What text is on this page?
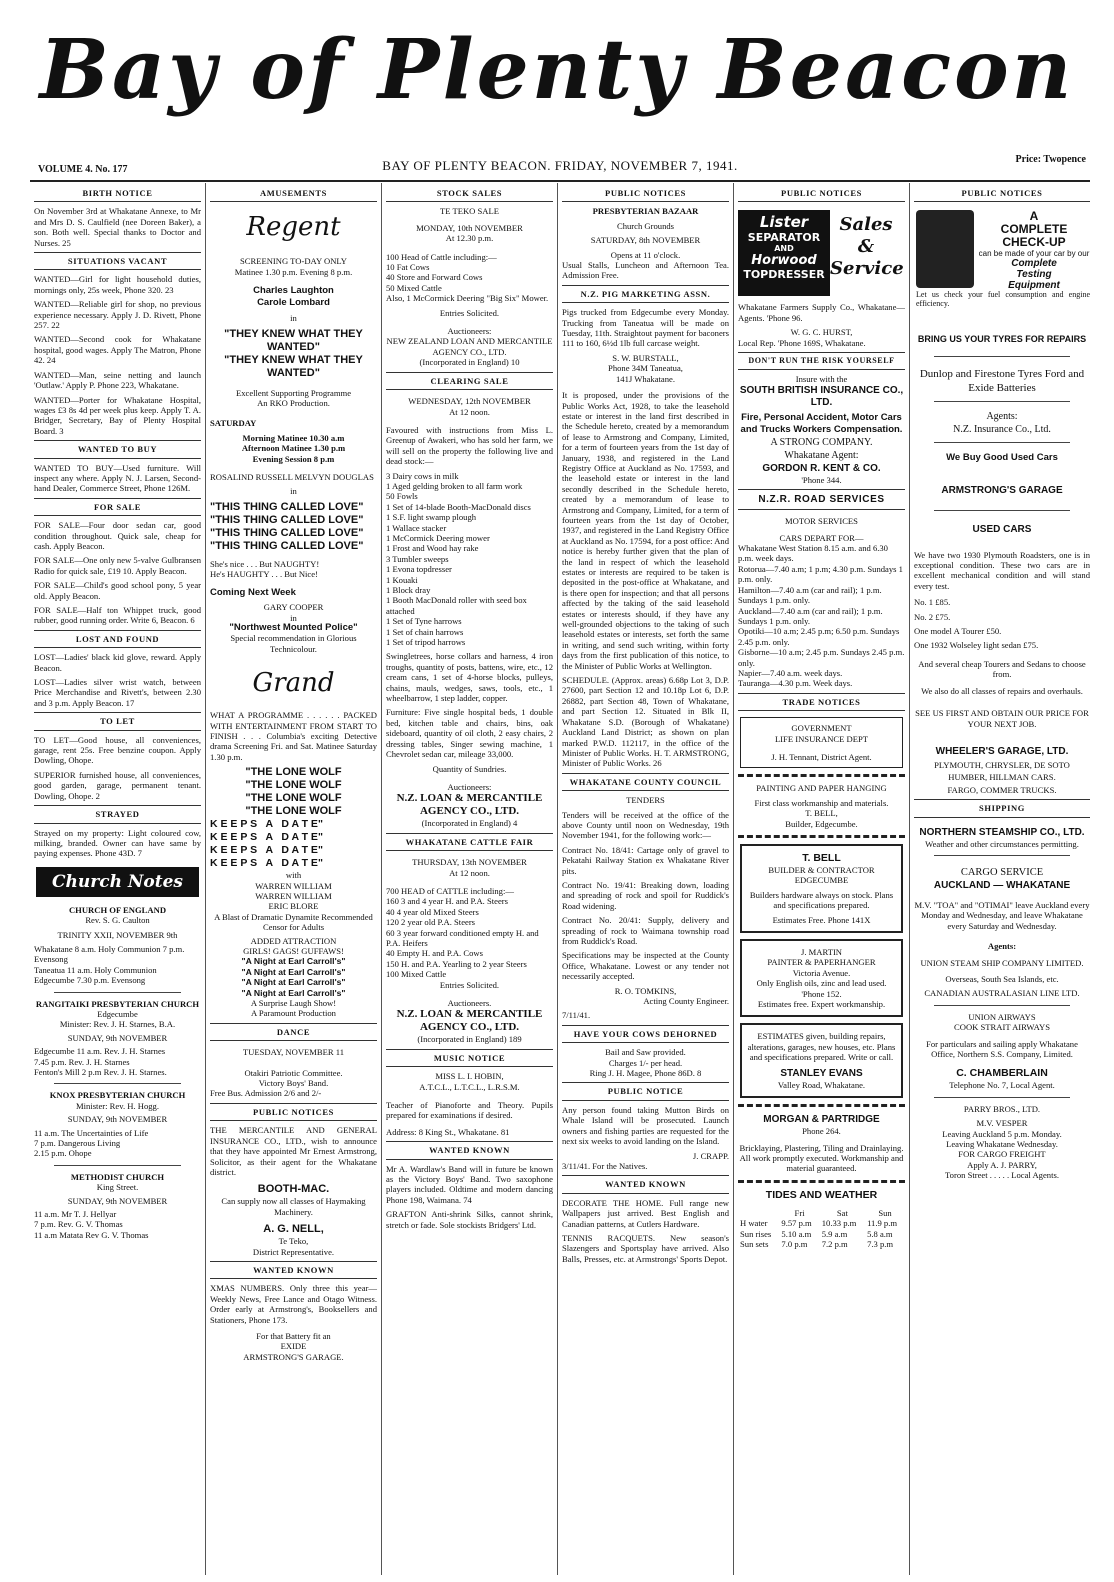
Bay of Plenty Beacon
VOLUME 4. No. 177	BAY OF PLENTY BEACON. FRIDAY, NOVEMBER 7, 1941.	Price: Twopence
BIRTH NOTICE

On November 3rd at Whakatane Annexe, to Mr and Mrs D. S. Caulfield (nee Doreen Baker), a son. Both well. Special thanks to Doctor and Nurses. 25

SITUATIONS VACANT

WANTED—Girl for light household duties, mornings only, 25s week, Phone 320. 23

WANTED—Reliable girl for shop, no previous experience necessary. Apply J. D. Rivett, Phone 257. 22

WANTED—Second cook for Whakatane hospital, good wages. Apply The Matron, Phone 42. 24

WANTED—Man, seine netting and launch 'Outlaw.' Apply P. Phone 223, Whakatane.

WANTED—Porter for Whakatane Hospital, wages £3 8s 4d per week plus keep. Apply T. A. Bridger, Secretary, Bay of Plenty Hospital Board. 3

WANTED TO BUY

WANTED TO BUY—Used furniture. Will inspect any where. Apply N. J. Larsen, Second-hand Dealer, Commerce Street, Phone 126M.

FOR SALE

FOR SALE—Four door sedan car, good condition throughout. Quick sale, cheap for cash. Apply Beacon.

FOR SALE—One only new 5-valve Gulbransen Radio for quick sale, £19 10. Apply Beacon.

FOR SALE—Child's good school pony, 5 year old. Apply Beacon.

FOR SALE—Half ton Whippet truck, good rubber, good running order. Write 6, Beacon. 6

LOST AND FOUND

LOST—Ladies' black kid glove, reward. Apply Beacon.

LOST—Ladies silver wrist watch, between Price Merchandise and Rivett's, between 2.30 and 3 p.m. Apply Beacon. 17

TO LET

TO LET—Good house, all conveniences, garage, rent 25s. Free benzine coupon. Apply Dowling, Ohope.

SUPERIOR furnished house, all conveniences, good garden, garage, permanent tenant. Dowling, Ohope. 2

STRAYED

Strayed on my property: Light coloured cow, milking, branded. Owner can have same by paying expenses. Phone 43D. 7

Church Notes
CHURCH OF ENGLAND
Rev. S. G. Caulton
TRINITY XXII, NOVEMBER 9th
Whakatane 8 a.m. Holy Communion 7 p.m. Evensong
Taneatua 11 a.m. Holy Communion
Edgecumbe 7.30 p.m. Evensong
RANGITAIKI PRESBYTERIAN CHURCH
Edgecumbe
Minister: Rev. J. H. Starnes, B.A.
SUNDAY, 9th NOVEMBER
Edgecumbe 11 a.m. Rev. J. H. Starnes
7.45 p.m. Rev. J. H. Starnes
Fenton's Mill 2 p.m Rev. J. H. Starnes.
KNOX PRESBYTERIAN CHURCH
Minister: Rev. H. Hogg.
SUNDAY, 9th NOVEMBER
11 a.m. The Uncertainties of Life
7 p.m. Dangerous Living
2.15 p.m. Ohope
METHODIST CHURCH
King Street.
SUNDAY, 9th NOVEMBER
11 a.m. Mr T. J. Hellyar
7 p.m. Rev. G. V. Thomas
11 a.m Matata Rev G. V. Thomas
AMUSEMENTS
Regent
SCREENING TO-DAY ONLY
Matinee 1.30 p.m. Evening 8 p.m.
Charles Laughton
Carole Lombard
in
"THEY KNEW WHAT THEY WANTED"
"THEY KNEW WHAT THEY WANTED"
Excellent Supporting Programme
An RKO Production.
SATURDAY
Morning Matinee 10.30 a.m
Afternoon Matinee 1.30 p.m
Evening Session 8 p.m
ROSALIND RUSSELL MELVYN DOUGLAS
in
"THIS THING CALLED LOVE"
"THIS THING CALLED LOVE"
"THIS THING CALLED LOVE"
"THIS THING CALLED LOVE"
She's nice . . . But NAUGHTY!
He's HAUGHTY . . . But Nice!
Coming Next Week
GARY COOPER
in
"Northwest Mounted Police"
Special recommendation in Glorious Technicolour.
Grand

WHAT A PROGRAMME . . . . . . PACKED WITH ENTERTAINMENT FROM START TO FINISH . . . Columbia's exciting Detective drama Screening Fri. and Sat. Matinee Saturday 1.30 p.m.

"THE LONE WOLF
"THE LONE WOLF
"THE LONE WOLF
"THE LONE WOLF
K E E P S   A   D A T E"
K E E P S   A   D A T E"
K E E P S   A   D A T E"
K E E P S   A   D A T E"
with
WARREN WILLIAM
WARREN WILLIAM
ERIC BLORE
A Blast of Dramatic Dynamite Recommended Censor for Adults
ADDED ATTRACTION
GIRLS! GAGS! GUFFAWS!
"A Night at Earl Carroll's"
"A Night at Earl Carroll's"
"A Night at Earl Carroll's"
"A Night at Earl Carroll's"
A Surprise Laugh Show!
A Paramount Production
DANCE
TUESDAY, NOVEMBER 11
Otakiri Patriotic Committee.
Victory Boys' Band.
Free Bus. Admission 2/6 and 2/-
PUBLIC NOTICES

THE MERCANTILE AND GENERAL INSURANCE CO., LTD., wish to announce that they have appointed Mr Ernest Armstrong, Solicitor, as their agent for the Whakatane district.

BOOTH-MAC.
Can supply now all classes of Haymaking Machinery.
A. G. NELL,
Te Teko,
District Representative.
WANTED KNOWN

XMAS NUMBERS. Only three this year—Weekly News, Free Lance and Otago Witness. Order early at Armstrong's, Booksellers and Stationers, Phone 173.

For that Battery fit an
EXIDE
ARMSTRONG'S GARAGE.
STOCK SALES
TE TEKO SALE
MONDAY, 10th NOVEMBER
At 12.30 p.m.
100 Head of Cattle including:—
10 Fat Cows
40 Store and Forward Cows
50 Mixed Cattle
Also, 1 McCormick Deering "Big Six" Mower.
Entries Solicited.
Auctioneers:
NEW ZEALAND LOAN AND MERCANTILE AGENCY CO., LTD.
(Incorporated in England) 10
CLEARING SALE
WEDNESDAY, 12th NOVEMBER
At 12 noon.

Favoured with instructions from Miss L. Greenup of Awakeri, who has sold her farm, we will sell on the property the following live and dead stock:—

3 Dairy cows in milk
1 Aged gelding broken to all farm work
50 Fowls
1 Set of 14-blade Booth-MacDonald discs
1 S.F. light swamp plough
1 Wallace stacker
1 McCormick Deering mower
1 Frost and Wood hay rake
3 Tumbler sweeps
1 Evona topdresser
1 Kouaki
1 Block dray
1 Booth MacDonald roller with seed box attached
1 Set of Tyne harrows
1 Set of chain harrows
1 Set of tripod harrows

Swingletrees, horse collars and harness, 4 iron troughs, quantity of posts, battens, wire, etc., 12 cream cans, 1 set of 4-horse blocks, pulleys, chains, mauls, wedges, saws, tools, etc., 1 wheelbarrow, 1 step ladder, copper.

Furniture: Five single hospital beds, 1 double bed, kitchen table and chairs, bins, oak sideboard, quantity of oil cloth, 2 easy chairs, 2 dressing tables, Singer sewing machine, 1 Chevrolet sedan car, mileage 33,000.

Quantity of Sundries.
Auctioneers:
N.Z. LOAN & MERCANTILE AGENCY CO., LTD.
(Incorporated in England) 4
WHAKATANE CATTLE FAIR
THURSDAY, 13th NOVEMBER
At 12 noon.
700 HEAD of CATTLE including:—
160 3 and 4 year H. and P.A. Steers
40 4 year old Mixed Steers
120 2 year old P.A. Steers
60 3 year forward conditioned empty H. and P.A. Heifers
40 Empty H. and P.A. Cows
150 H. and P.A. Yearling to 2 year Steers
100 Mixed Cattle
Entries Solicited.
Auctioneers.
N.Z. LOAN & MERCANTILE AGENCY CO., LTD.
(Incorporated in England) 189
MUSIC NOTICE
MISS L. I. HOBIN,
A.T.C.L., L.T.C.L., L.R.S.M.

Teacher of Pianoforte and Theory. Pupils prepared for examinations if desired.

Address: 8 King St., Whakatane. 81
WANTED KNOWN

Mr A. Wardlaw's Band will in future be known as the Victory Boys' Band. Two saxophone players included. Oldtime and modern dancing Phone 198, Waimana. 74

GRAFTON Anti-shrink Silks, cannot shrink, stretch or fade. Sole stockists Bridgers' Ltd.

PUBLIC NOTICES
PRESBYTERIAN BAZAAR
Church Grounds
SATURDAY, 8th NOVEMBER
Opens at 11 o'clock.

Usual Stalls, Luncheon and Afternoon Tea. Admission Free.

N.Z. PIG MARKETING ASSN.

Pigs trucked from Edgecumbe every Monday. Trucking from Taneatua will be made on Tuesday, 11th. Straightout payment for baconers 111 to 160, 6½d 1lb full carcase weight.

S. W. BURSTALL,
Phone 34M Taneatua,
141J Whakatane.

It is proposed, under the provisions of the Public Works Act, 1928, to take the leasehold estate or interest in the land first described in the Schedule hereto, created by a memorandum of lease to Armstrong and Company, Limited, for a term of fourteen years from the 1st day of January, 1938, and registered in the Land Registry Office at Auckland as No. 17593, and the leasehold estate or interest in the land secondly described in the Schedule hereto, created by a memorandum of lease to Armstrong and Company, Limited, for a term of fourteen years from the 1st day of October, 1937, and registered in the Land Registry Office at Auckland as No. 17594, for a post office: And notice is hereby further given that the plan of the land in respect of which the leasehold estates or interests are required to be taken is deposited in the post-office at Whakatane, and is there open for inspection; and that all persons affected by the taking of the said leasehold estates or interests should, if they have any well-grounded objections to the taking of such leasehold estates or interests, set forth the same in writing, and send such writing, within forty days from the first publication of this notice, to the Minister of Public Works at Wellington.

SCHEDULE. (Approx. areas) 6.68p Lot 3, D.P. 27600, part Section 12 and 10.18p Lot 6, D.P. 26882, part Section 48, Town of Whakatane, and part Section 12. Situated in Blk II, Whakatane S.D. (Borough of Whakatane) Auckland Land District; as shown on plan marked P.W.D. 112117, in the office of the Minister of Public Works. H. T. ARMSTRONG, Minister of Public Works. 26

WHAKATANE COUNTY COUNCIL
TENDERS

Tenders will be received at the office of the above County until noon on Wednesday, 19th November 1941, for the following work:—

Contract No. 18/41: Cartage only of gravel to Pekatahi Railway Station ex Whakatane River pits.

Contract No. 19/41: Breaking down, loading and spreading of rock and spoil for Ruddick's Road widening.

Contract No. 20/41: Supply, delivery and spreading of rock to Waimana township road from Ruddick's Road.

Specifications may be inspected at the County Office, Whakatane. Lowest or any tender not necessarily accepted.

R. O. TOMKINS,
Acting County Engineer.
7/11/41.
HAVE YOUR COWS DEHORNED
Bail and Saw provided.
Charges 1/- per head.
Ring J. H. Magee, Phone 86D. 8
PUBLIC NOTICE

Any person found taking Mutton Birds on Whale Island will be prosecuted. Launch owners and fishing parties are requested for the next six weeks to avoid landing on the Island.

J. CRAPP.
3/11/41. For the Natives.
WANTED KNOWN

DECORATE THE HOME. Full range new Wallpapers just arrived. Best English and Canadian patterns, at Cutlers Hardware.

TENNIS RACQUETS. New season's Slazengers and Sportsplay have arrived. Also Balls, Presses, etc. at Armstrongs' Sports Depot.

PUBLIC NOTICES
Lister
SEPARATOR
AND
Horwood
TOPDRESSER
Sales & Service

Whakatane Farmers Supply Co., Whakatane—Agents. 'Phone 96.

W. G. C. HURST,
Local Rep. 'Phone 169S, Whakatane.
DON'T RUN THE RISK YOURSELF
Insure with the
SOUTH BRITISH INSURANCE CO., LTD.
Fire, Personal Accident, Motor Cars and Trucks Workers Compensation.
A STRONG COMPANY.
Whakatane Agent:
GORDON R. KENT & CO.
'Phone 344.
N.Z.R. ROAD SERVICES
MOTOR SERVICES
CARS DEPART FOR—
Whakatane West Station 8.15 a.m. and 6.30 p.m. week days.
Rotorua—7.40 a.m; 1 p.m; 4.30 p.m. Sundays 1 p.m. only.
Hamilton—7.40 a.m (car and rail); 1 p.m. Sundays 1 p.m. only.
Auckland—7.40 a.m (car and rail); 1 p.m. Sundays 1 p.m. only.
Opotiki—10 a.m; 2.45 p.m; 6.50 p.m. Sundays 2.45 p.m. only.
Gisborne—10 a.m; 2.45 p.m. Sundays 2.45 p.m. only.
Napier—7.40 a.m. week days.
Tauranga—4.30 p.m. Week days.
TRADE NOTICES
GOVERNMENT
LIFE INSURANCE DEPT
J. H. Tennant, District Agent.
PAINTING AND PAPER HANGING
First class workmanship and materials.
T. BELL,
Builder, Edgecumbe.
T. BELL
BUILDER & CONTRACTOR
EDGECUMBE

Builders hardware always on stock. Plans and specifications prepared.

Estimates Free. Phone 141X
J. MARTIN
PAINTER & PAPERHANGER
Victoria Avenue.
Only English oils, zinc and lead used.
'Phone 152.
Estimates free. Expert workmanship.

ESTIMATES given, building repairs, alterations, garages, new houses, etc. Plans and specifications prepared. Write or call.

STANLEY EVANS
Valley Road, Whakatane.
MORGAN & PARTRIDGE
Phone 264.
Bricklaying, Plastering, Tiling and Drainlaying.
All work promptly executed. Workmanship and material guaranteed.
TIDES AND WEATHER
	Fri	Sat	Sun
H water	9.57 p.m	10.33 p.m	11.9 p.m
Sun rises	5.10 a.m	5.9 a.m	5.8 a.m
Sun sets	7.0 p.m	7.2 p.m	7.3 p.m
PUBLIC NOTICES
A
COMPLETE
CHECK-UP
can be made of your car by our
Complete
Testing
Equipment

Let us check your fuel consumption and engine efficiency.

BRING US YOUR TYRES FOR REPAIRS
Dunlop and Firestone Tyres Ford and Exide Batteries
Agents:
N.Z. Insurance Co., Ltd.
We Buy Good Used Cars
ARMSTRONG'S GARAGE
USED CARS

We have two 1930 Plymouth Roadsters, one is in exceptional condition. These two cars are in excellent mechanical condition and will stand every test.

No. 1 £85.
No. 2 £75.
One model A Tourer £50.
One 1932 Wolseley light sedan £75.

And several cheap Tourers and Sedans to choose from.

We also do all classes of repairs and overhauls.

SEE US FIRST AND OBTAIN OUR PRICE FOR YOUR NEXT JOB.

WHEELER'S GARAGE, LTD.
PLYMOUTH, CHRYSLER, DE SOTO
HUMBER, HILLMAN CARS.
FARGO, COMMER TRUCKS.
SHIPPING
NORTHERN STEAMSHIP CO., LTD.
Weather and other circumstances permitting.
CARGO SERVICE
AUCKLAND — WHAKATANE

M.V. "TOA" and "OTIMAI" leave Auckland every Monday and Wednesday, and leave Whakatane every Saturday and Wednesday.

Agents:
UNION STEAM SHIP COMPANY LIMITED.
Overseas, South Sea Islands, etc.
CANADIAN AUSTRALASIAN LINE LTD.
UNION AIRWAYS
COOK STRAIT AIRWAYS

For particulars and sailing apply Whakatane Office, Northern S.S. Company, Limited.

C. CHAMBERLAIN
Telephone No. 7, Local Agent.
PARRY BROS., LTD.
M.V. VESPER
Leaving Auckland 5 p.m. Monday.
Leaving Whakatane Wednesday.
FOR CARGO FREIGHT
Apply A. J. PARRY,
Toron Street . . . . . Local Agents.
